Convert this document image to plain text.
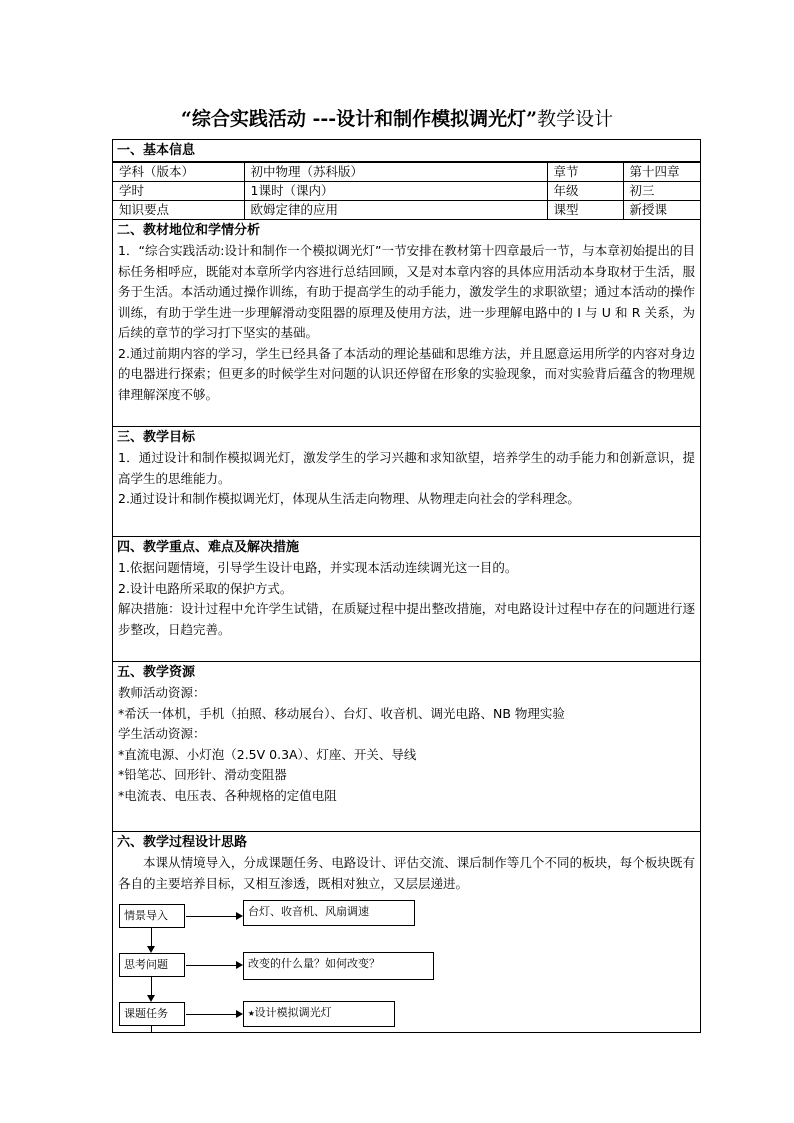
“综合实践活动 ---设计和制作模拟调光灯”教学设计
一、基本信息
学科（版本）	初中物理（苏科版）	章节	第十四章
学时	1课时（课内）	年级	初三
知识要点	欧姆定律的应用	课型	新授课
二、教材地位和学情分析
1．“综合实践活动:设计和制作一个模拟调光灯”一节安排在教材第十四章最后一节，与本章初始提出的目标任务相呼应，既能对本章所学内容进行总结回顾，又是对本章内容的具体应用活动本身取材于生活，服务于生活。本活动通过操作训练，有助于提高学生的动手能力，激发学生的求职欲望；通过本活动的操作训练，有助于学生进一步理解滑动变阻器的原理及使用方法，进一步理解电路中的 I 与 U 和 R 关系，为后续的章节的学习打下坚实的基础。
2.通过前期内容的学习，学生已经具备了本活动的理论基础和思维方法，并且愿意运用所学的内容对身边的电器进行探索；但更多的时候学生对问题的认识还停留在形象的实验现象，而对实验背后蕴含的物理规律理解深度不够。
三、教学目标
1．通过设计和制作模拟调光灯，激发学生的学习兴趣和求知欲望，培养学生的动手能力和创新意识，提高学生的思维能力。
2.通过设计和制作模拟调光灯，体现从生活走向物理、从物理走向社会的学科理念。
四、教学重点、难点及解决措施
1.依据问题情境，引导学生设计电路，并实现本活动连续调光这一目的。
2.设计电路所采取的保护方式。
解决措施：设计过程中允许学生试错，在质疑过程中提出整改措施，对电路设计过程中存在的问题进行逐步整改，日趋完善。
五、教学资源
教师活动资源：
*希沃一体机，手机（拍照、移动展台）、台灯、收音机、调光电路、NB 物理实验
学生活动资源：
*直流电源、小灯泡（2.5V 0.3A）、灯座、开关、导线
*铅笔芯、回形针、滑动变阻器
*电流表、电压表、各种规格的定值电阻
六、教学过程设计思路
本课从情境导入，分成课题任务、电路设计、评估交流、课后制作等几个不同的板块，每个板块既有各自的主要培养目标，又相互渗透，既相对独立，又层层递进。
情景导入	台灯、收音机、风扇调速
思考问题	改变的什么量？如何改变？
课题任务	★设计模拟调光灯
